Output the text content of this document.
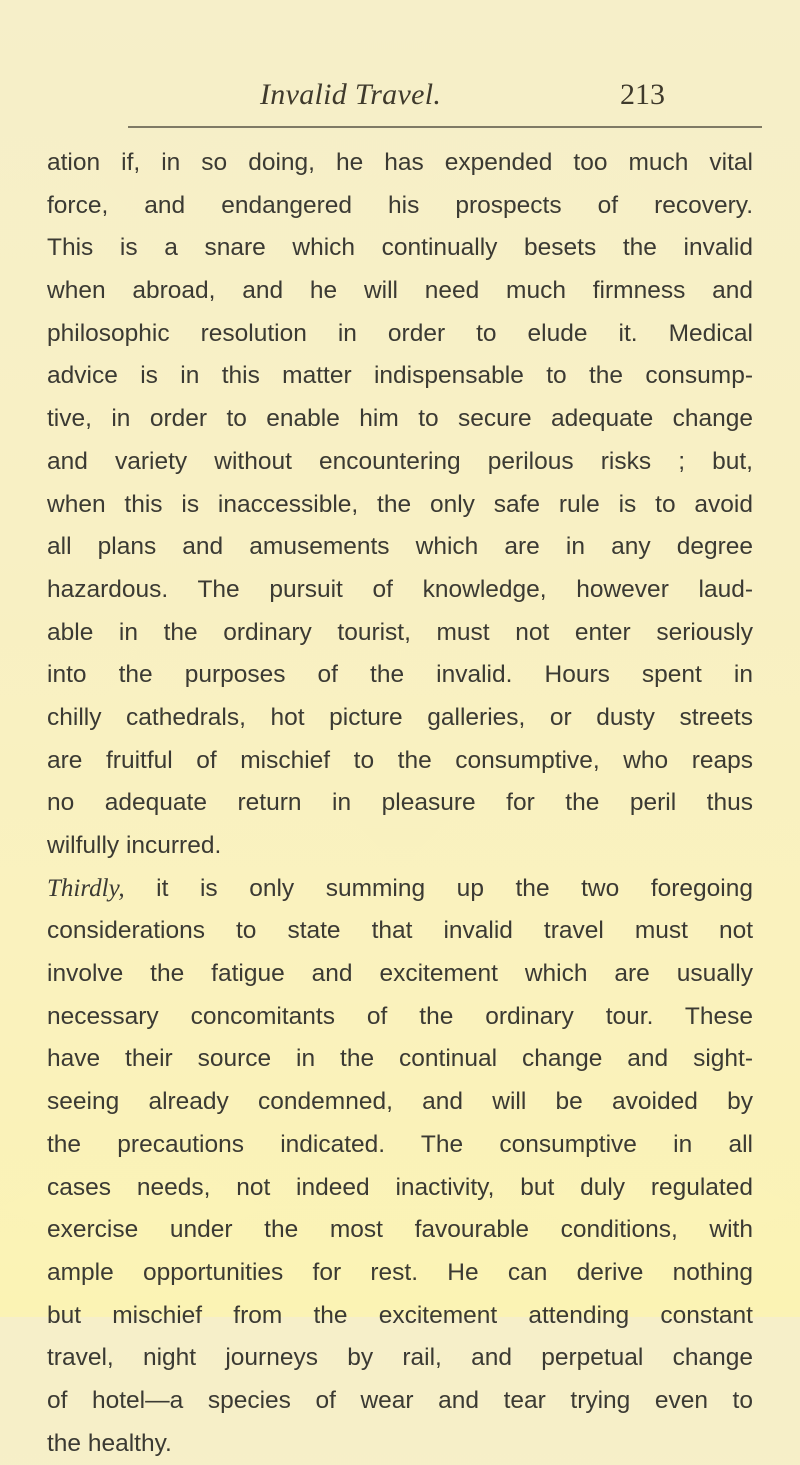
Invalid Travel.	213
ation if, in so doing, he has expended too much vital
force, and endangered his prospects of recovery.
This is a snare which continually besets the invalid
when abroad, and he will need much firmness and
philosophic resolution in order to elude it. Medical
advice is in this matter indispensable to the consump-
tive, in order to enable him to secure adequate change
and variety without encountering perilous risks ; but,
when this is inaccessible, the only safe rule is to avoid
all plans and amusements which are in any degree
hazardous. The pursuit of knowledge, however laud-
able in the ordinary tourist, must not enter seriously
into the purposes of the invalid. Hours spent in
chilly cathedrals, hot picture galleries, or dusty streets
are fruitful of mischief to the consumptive, who reaps
no adequate return in pleasure for the peril thus
wilfully incurred.
Thirdly, it is only summing up the two foregoing
considerations to state that invalid travel must not
involve the fatigue and excitement which are usually
necessary concomitants of the ordinary tour. These
have their source in the continual change and sight-
seeing already condemned, and will be avoided by
the precautions indicated. The consumptive in all
cases needs, not indeed inactivity, but duly regulated
exercise under the most favourable conditions, with
ample opportunities for rest. He can derive nothing
but mischief from the excitement attending constant
travel, night journeys by rail, and perpetual change
of hotel—a species of wear and tear trying even to
the healthy.
